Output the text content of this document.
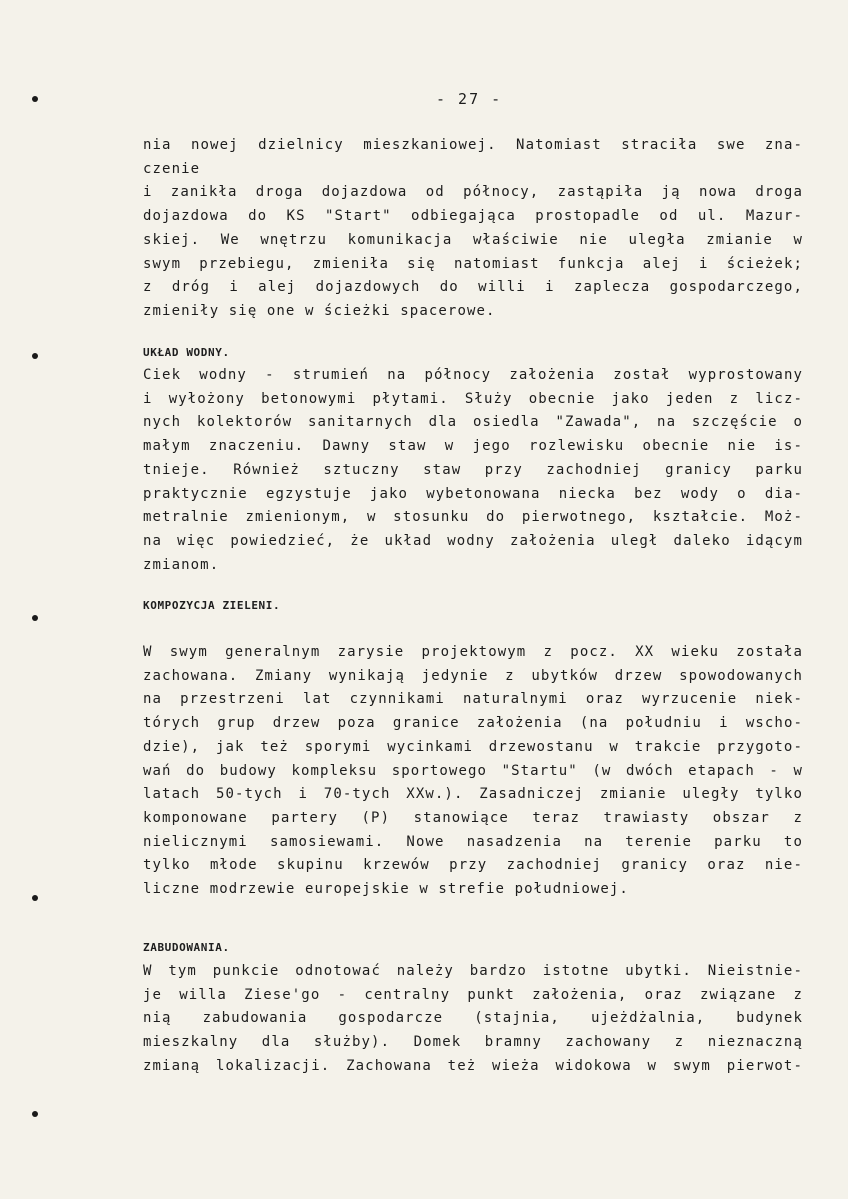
- 27 -
nia nowej dzielnicy mieszkaniowej. Natomiast straciła swe zna-
czenie
i zanikła droga dojazdowa od północy, zastąpiła ją nowa droga
dojazdowa do KS "Start" odbiegająca prostopadle od ul. Mazur-
skiej. We wnętrzu komunikacja właściwie nie uległa zmianie w
swym przebiegu, zmieniła się natomiast funkcja alej i ścieżek;
z dróg i alej dojazdowych do willi i zaplecza gospodarczego,
zmieniły się one w ścieżki spacerowe.
UKŁAD WODNY.
Ciek wodny - strumień na północy założenia został wyprostowany
i wyłożony betonowymi płytami. Służy obecnie jako jeden z licz-
nych kolektorów sanitarnych dla osiedla "Zawada", na szczęście o
małym znaczeniu. Dawny staw w jego rozlewisku obecnie nie is-
tnieje. Również sztuczny staw przy zachodniej granicy parku
praktycznie egzystuje jako wybetonowana niecka bez wody o dia-
metralnie zmienionym, w stosunku do pierwotnego, kształcie. Moż-
na więc powiedzieć, że układ wodny założenia uległ daleko idącym
zmianom.
KOMPOZYCJA ZIELENI.
W swym generalnym zarysie projektowym z pocz. XX wieku została
zachowana. Zmiany wynikają jedynie z ubytków drzew spowodowanych
na przestrzeni lat czynnikami naturalnymi oraz wyrzucenie niek-
tórych grup drzew poza granice założenia (na południu i wscho-
dzie), jak też sporymi wycinkami drzewostanu w trakcie przygoto-
wań do budowy kompleksu sportowego "Startu" (w dwóch etapach - w
latach 50-tych i 70-tych XXw.). Zasadniczej zmianie uległy tylko
komponowane partery (P) stanowiące teraz trawiasty obszar z
nielicznymi samosiewami. Nowe nasadzenia na terenie parku to
tylko młode skupinu krzewów przy zachodniej granicy oraz nie-
liczne modrzewie europejskie w strefie południowej.
ZABUDOWANIA.
W tym punkcie odnotować należy bardzo istotne ubytki. Nieistnie-
je willa Ziese'go - centralny punkt założenia, oraz związane z
nią zabudowania gospodarcze (stajnia, ujeżdżalnia, budynek
mieszkalny dla służby). Domek bramny zachowany z nieznaczną
zmianą lokalizacji. Zachowana też wieża widokowa w swym pierwot-
